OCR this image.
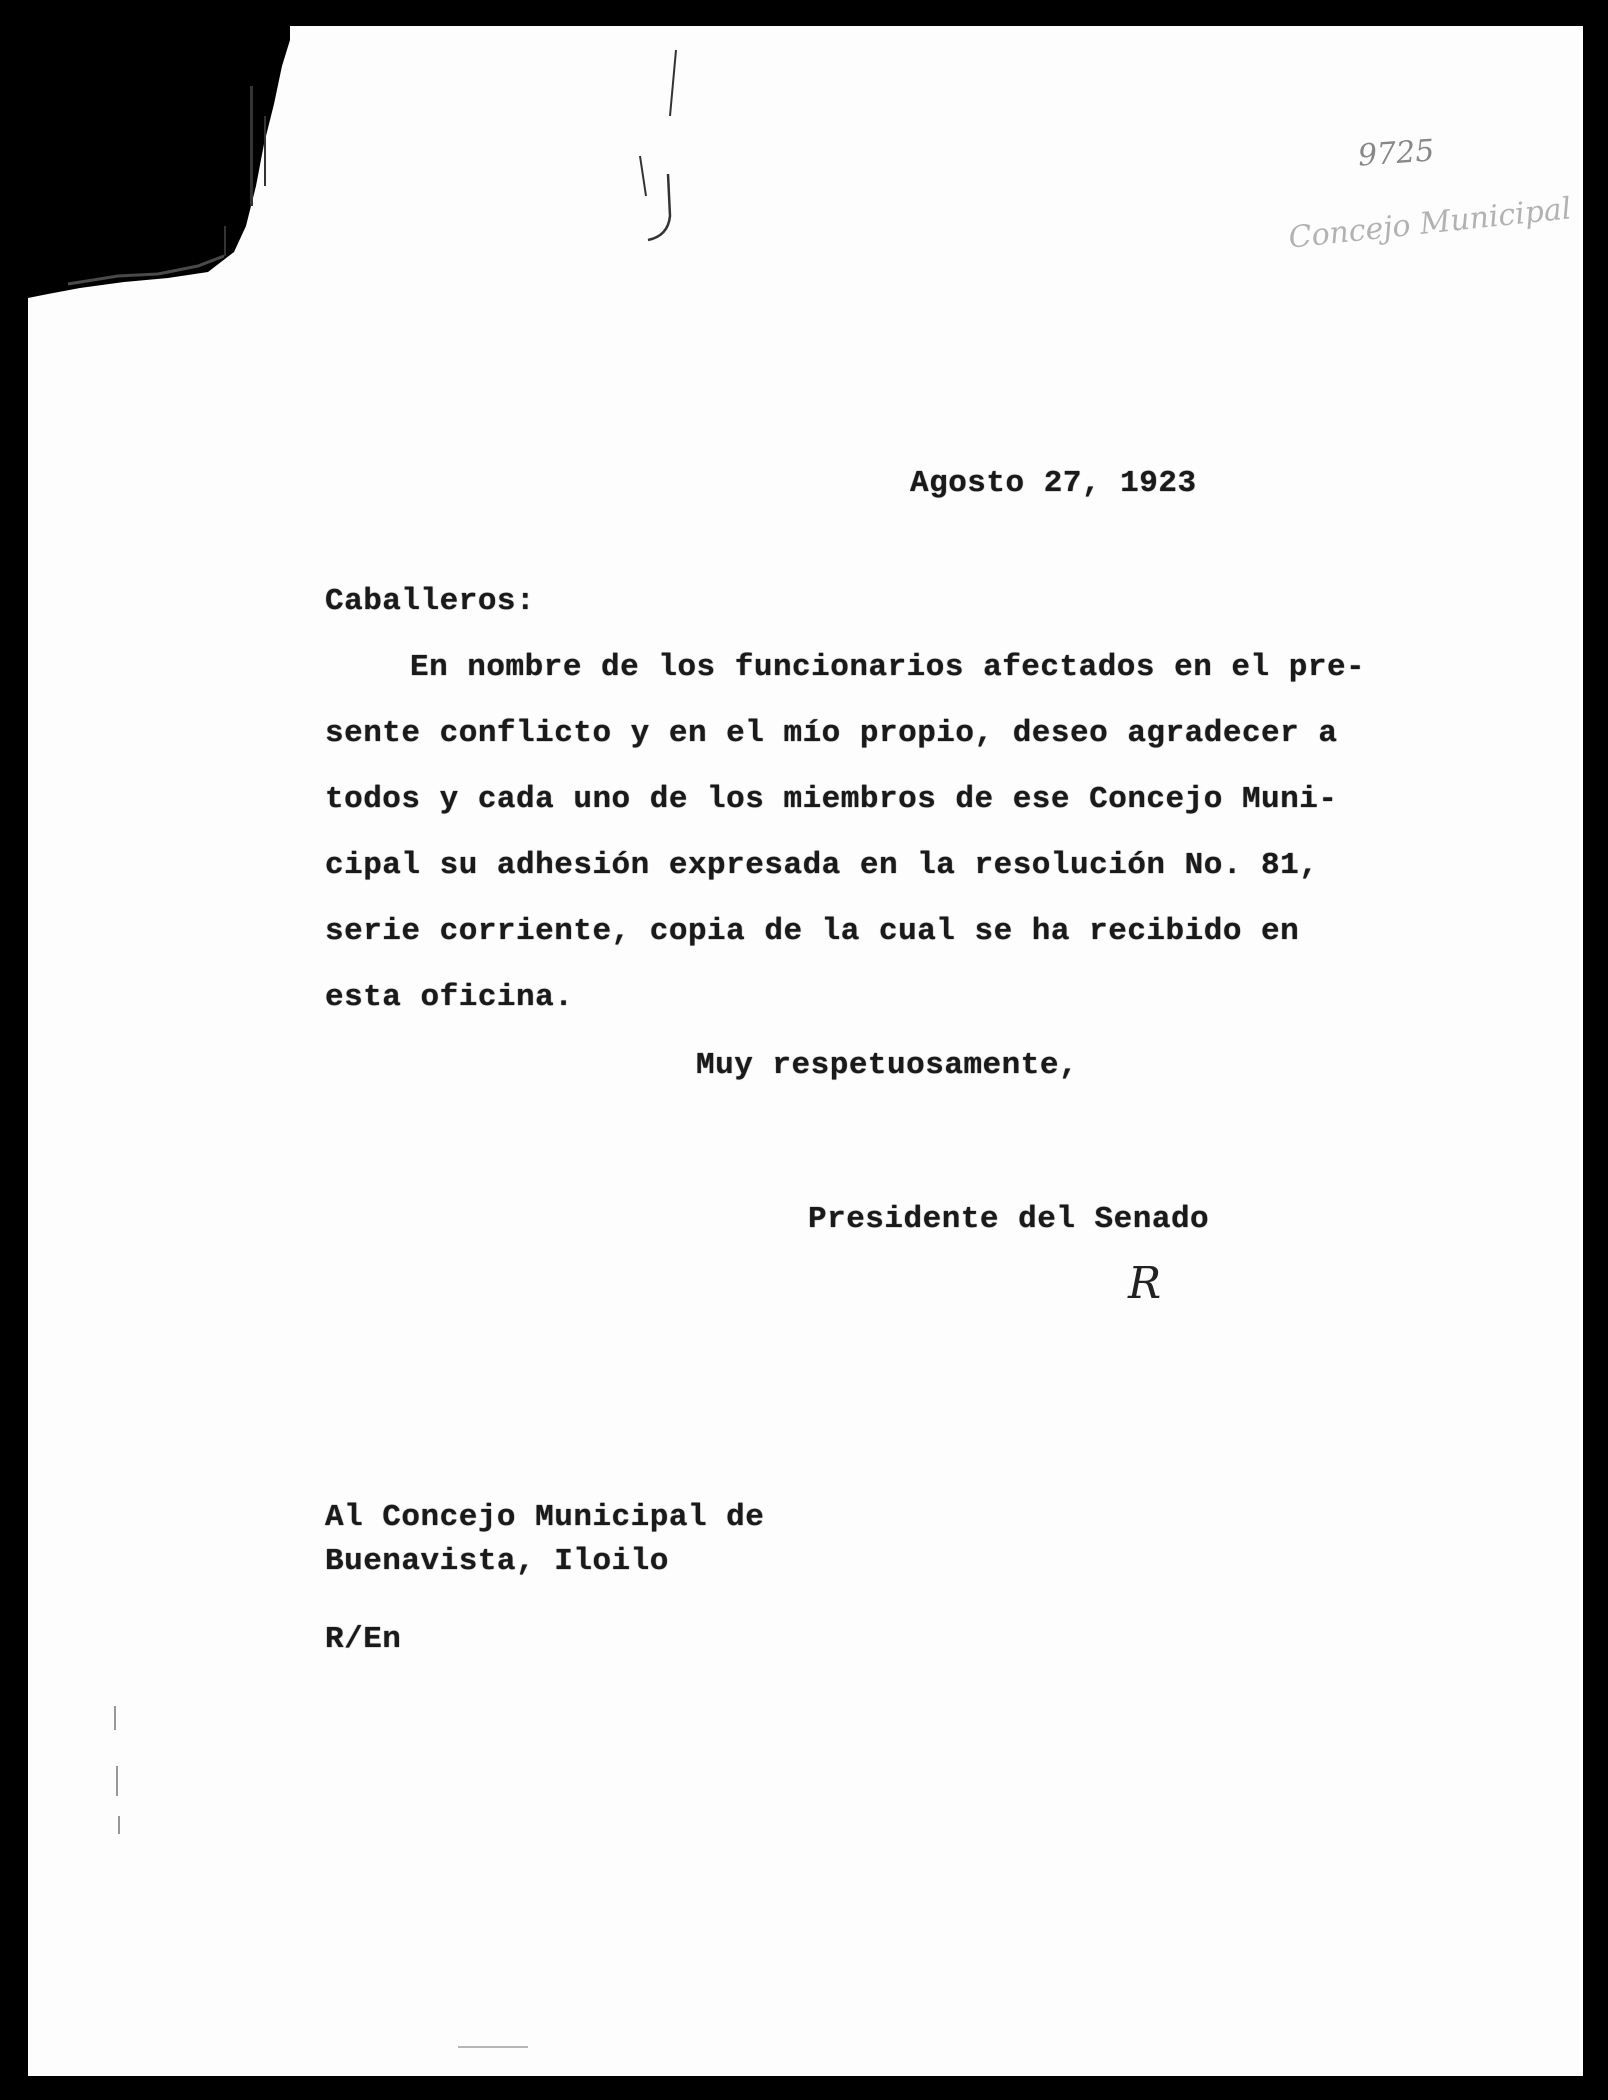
9725
Concejo Municipal
Agosto 27, 1923
Caballeros:
En nombre de los funcionarios afectados en el pre-
sente conflicto y en el mío propio, deseo agradecer a
todos y cada uno de los miembros de ese Concejo Muni-
cipal su adhesión expresada en la resolución No. 81,
serie corriente, copia de la cual se ha recibido en
esta oficina.
Muy respetuosamente,
Presidente del Senado
R
Al Concejo Municipal de
Buenavista, Iloilo
R/En
